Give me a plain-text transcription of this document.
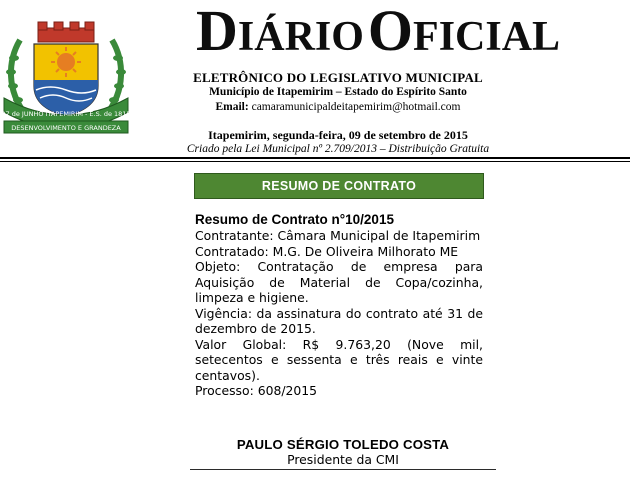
27 de JUNHO ITAPEMIRIM - E.S. de 1815
DESENVOLVIMENTO E GRANDEZA
DIÁRIO OFICIAL
ELETRÔNICO DO LEGISLATIVO MUNICIPAL
Município de Itapemirim – Estado do Espírito Santo
Email: camaramunicipaldeitapemirim@hotmail.com
Itapemirim, segunda-feira, 09 de setembro de 2015
Criado pela Lei Municipal nº 2.709/2013 – Distribuição Gratuita
RESUMO DE CONTRATO

Resumo de Contrato n°10/2015

Contratante: Câmara Municipal de Itapemirim

Contratado: M.G. De Oliveira Milhorato ME

Objeto: Contratação de empresa para Aquisição de Material de Copa/cozinha, limpeza e higiene.

Vigência: da assinatura do contrato até 31 de dezembro de 2015.

Valor Global: R$ 9.763,20 (Nove mil, setecentos e sessenta e três reais e vinte centavos).

Processo: 608/2015

PAULO SÉRGIO TOLEDO COSTA
Presidente da CMI
